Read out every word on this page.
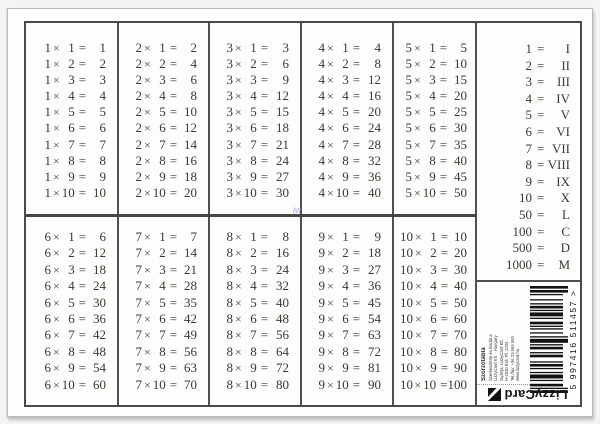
1 × 1 = 1
1 × 2 = 2
1 × 3 = 3
1 × 4 = 4
1 × 5 = 5
1 × 6 = 6
1 × 7 = 7
1 × 8 = 8
1 × 9 = 9
1 × 10 = 10
2 × 1 = 2
2 × 2 = 4
2 × 3 = 6
2 × 4 = 8
2 × 5 = 10
2 × 6 = 12
2 × 7 = 14
2 × 8 = 16
2 × 9 = 18
2 × 10 = 20
3 × 1 = 3
3 × 2 = 6
3 × 3 = 9
3 × 4 = 12
3 × 5 = 15
3 × 6 = 18
3 × 7 = 21
3 × 8 = 24
3 × 9 = 27
3 × 10 = 30
4 × 1 = 4
4 × 2 = 8
4 × 3 = 12
4 × 4 = 16
4 × 5 = 20
4 × 6 = 24
4 × 7 = 28
4 × 8 = 32
4 × 9 = 36
4 × 10 = 40
5 × 1 = 5
5 × 2 = 10
5 × 3 = 15
5 × 4 = 20
5 × 5 = 25
5 × 6 = 30
5 × 7 = 35
5 × 8 = 40
5 × 9 = 45
5 × 10 = 50
6 × 1 = 6
6 × 2 = 12
6 × 3 = 18
6 × 4 = 24
6 × 5 = 30
6 × 6 = 36
6 × 7 = 42
6 × 8 = 48
6 × 9 = 54
6 × 10 = 60
7 × 1 = 7
7 × 2 = 14
7 × 3 = 21
7 × 4 = 28
7 × 5 = 35
7 × 6 = 42
7 × 7 = 49
7 × 8 = 56
7 × 9 = 63
7 × 10 = 70
8 × 1 = 8
8 × 2 = 16
8 × 3 = 24
8 × 4 = 32
8 × 5 = 40
8 × 6 = 48
8 × 7 = 56
8 × 8 = 64
8 × 9 = 72
8 × 10 = 80
9 × 1 = 9
9 × 2 = 18
9 × 3 = 27
9 × 4 = 36
9 × 5 = 45
9 × 6 = 54
9 × 7 = 63
9 × 8 = 72
9 × 9 = 81
9 × 10 = 90
10 × 1 = 10
10 × 2 = 20
10 × 3 = 30
10 × 4 = 40
10 × 5 = 50
10 × 6 = 60
10 × 7 = 70
10 × 8 = 80
10 × 9 = 90
10 × 10 = 100
1 = I
2 = II
3 = III
4 = IV
5 = V
6 = VI
7 = VII
8 = VIII
9 = IX
10 = X
50 = L
100 = C
500 = D
1000 = M
Szorzótábla Szerkesztette és kiadja a LizzyCard Kft. · Hungary Gyártja: LizzyCard Kft. H-2030 Érd, Pf. 1234 Tel./fax: +36 23 555 555 www.lizzycard.hu	5 997416 511457 >
LizzyCard
jw
